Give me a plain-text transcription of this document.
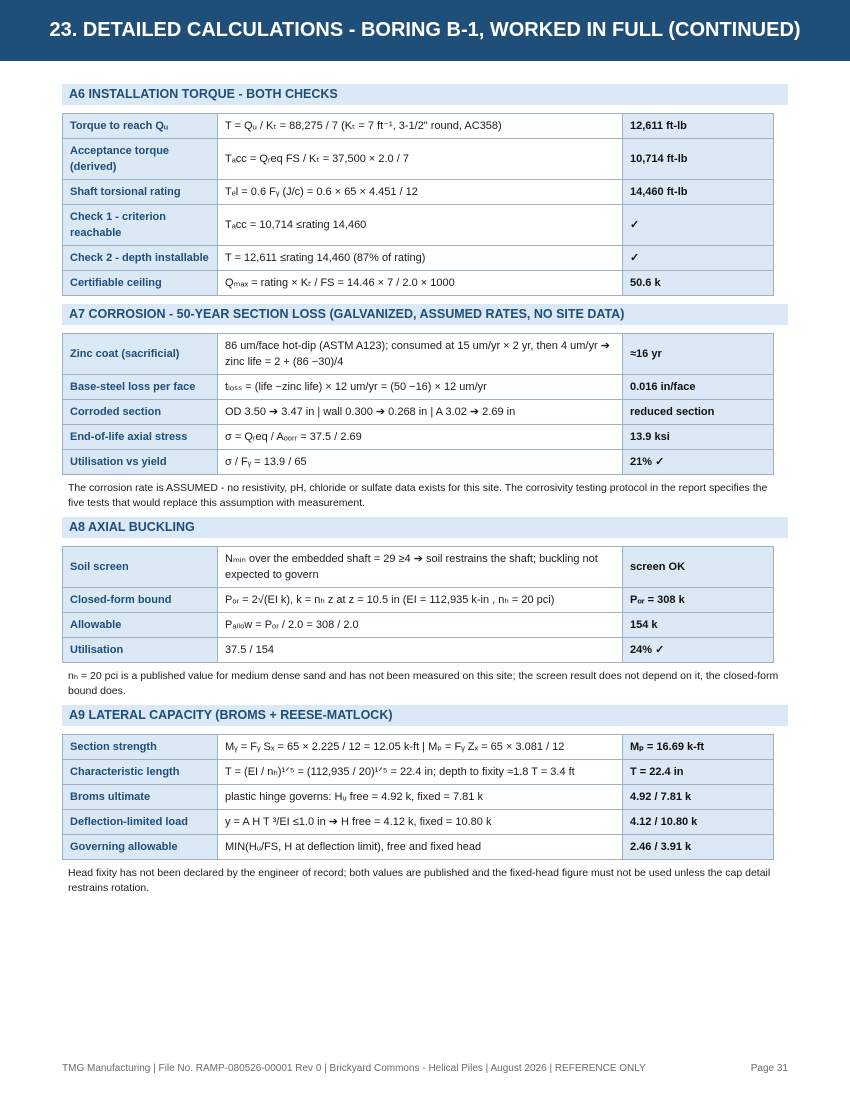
23. DETAILED CALCULATIONS - BORING B-1, WORKED IN FULL (CONTINUED)
A6 INSTALLATION TORQUE - BOTH CHECKS
Torque to reach Qᵤ	T = Qᵤ / Kₜ = 88,275 / 7 (Kₜ = 7 ft⁻¹, 3-1/2" round, AC358)	12,611 ft-lb
Acceptance torque (derived)	Tₐcc = Qᵣeq FS / Kₜ = 37,500 × 2.0 / 7	10,714 ft-lb
Shaft torsional rating	Tₑl = 0.6 Fᵧ (J/c) = 0.6 × 65 × 4.451 / 12	14,460 ft-lb
Check 1 - criterion reachable	Tₐcc = 10,714 ≤rating 14,460	✓
Check 2 - depth installable	T = 12,611 ≤rating 14,460 (87% of rating)	✓
Certifiable ceiling	Qₘₐₓ = rating × Kₜ / FS = 14.46 × 7 / 2.0 × 1000	50.6 k
A7 CORROSION - 50-YEAR SECTION LOSS (GALVANIZED, ASSUMED RATES, NO SITE DATA)
Zinc coat (sacrificial)	86 um/face hot-dip (ASTM A123); consumed at 15 um/yr × 2 yr, then 4 um/yr ➔ zinc life = 2 + (86 −30)/4	≈16 yr
Base-steel loss per face	tₗₒₛₛ = (life −zinc life) × 12 um/yr = (50 −16) × 12 um/yr	0.016 in/face
Corroded section	OD 3.50 ➔ 3.47 in | wall 0.300 ➔ 0.268 in | A 3.02 ➔ 2.69 in	reduced section
End-of-life axial stress	σ = Qᵣeq / Aₒₒᵣᵣ = 37.5 / 2.69	13.9 ksi
Utilisation vs yield	σ / Fᵧ = 13.9 / 65	21% ✓
The corrosion rate is ASSUMED - no resistivity, pH, chloride or sulfate data exists for this site. The corrosivity testing protocol in the report specifies the five tests that would replace this assumption with measurement.
A8 AXIAL BUCKLING
Soil screen	Nₘᵢₙ over the embedded shaft = 29 ≥4 ➔ soil restrains the shaft; buckling not expected to govern	screen OK
Closed-form bound	Pₒᵣ = 2√(EI k), k = nₕ z at z = 10.5 in (EI = 112,935 k-in , nₕ = 20 pci)	Pₒᵣ = 308 k
Allowable	Pₐₗₗₒw = Pₒᵣ / 2.0 = 308 / 2.0	154 k
Utilisation	37.5 / 154	24% ✓
nₕ = 20 pci is a published value for medium dense sand and has not been measured on this site; the screen result does not depend on it, the closed-form bound does.
A9 LATERAL CAPACITY (BROMS + REESE-MATLOCK)
Section strength	Mᵧ = Fᵧ Sₓ = 65 × 2.225 / 12 = 12.05 k-ft | Mₚ = Fᵧ Zₓ = 65 × 3.081 / 12	Mₚ = 16.69 k-ft
Characteristic length	T = (EI / nₕ)¹ᐟ⁵ = (112,935 / 20)¹ᐟ⁵ = 22.4 in; depth to fixity ≈1.8 T = 3.4 ft	T = 22.4 in
Broms ultimate	plastic hinge governs: Hᵤ free = 4.92 k, fixed = 7.81 k	4.92 / 7.81 k
Deflection-limited load	y = A H T ³/EI ≤1.0 in ➔ H free = 4.12 k, fixed = 10.80 k	4.12 / 10.80 k
Governing allowable	MIN(Hᵤ/FS, H at deflection limit), free and fixed head	2.46 / 3.91 k
Head fixity has not been declared by the engineer of record; both values are published and the fixed-head figure must not be used unless the cap detail restrains rotation.
TMG Manufacturing | File No. RAMP-080526-00001 Rev 0 | Brickyard Commons - Helical Piles | August 2026 | REFERENCE ONLY	Page 31
